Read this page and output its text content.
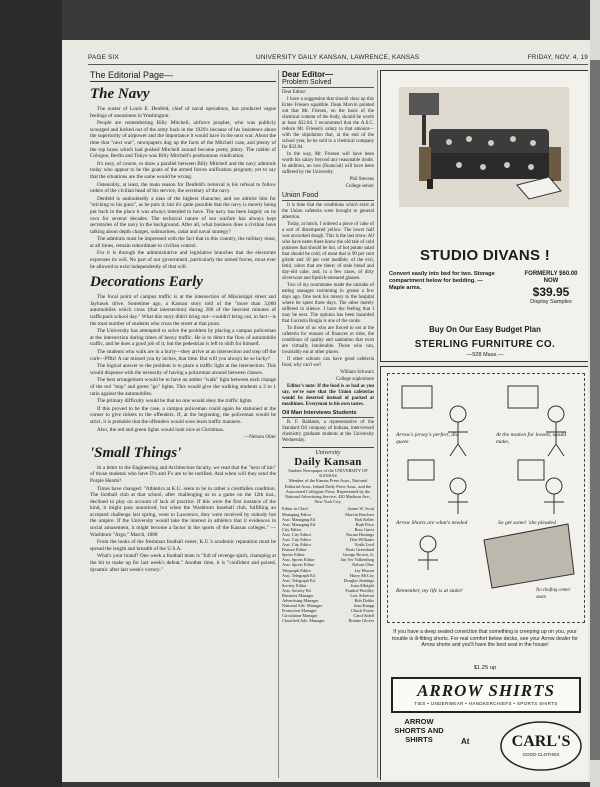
PAGE SIX	UNIVERSITY DAILY KANSAN, LAWRENCE, KANSAS	FRIDAY, NOV. 4, 19
The Editorial Page—
The Navy

The ouster of Louis E. Denfeld, chief of naval operations, has produced vague feelings of uneasiness in Washington.

People are remembering Billy Mitchell, airforce prophet, who was publicly scourged and kicked out of the army back in the 1920's because of his insistence about the superiority of airpower and the importance it would have in the next war. About the time that "next war", newspapers dug up the facts of the Mitchell case, and plenty of the top brass which had pushed Mitchell around became pretty jittery. The rubble of Cologne, Berlin and Tokyo was Billy Mitchell's posthumous vindication.

It's easy, of course, to draw a parallel between Billy Mitchell and the navy admirals today who appear to be the goats of the armed forces unification program; yet to say that the situations are the same would be wrong.

Ostensibly, at least, the main reason for Denfeld's removal is his refusal to follow orders of the civilian head of his service, the secretary of the navy.

Denfeld is undoubtedly a man of the highest character, and we admire him for "sticking to his guns", as he puts it; but it's quite possible that the navy is merely being put back in the place it was always intended to have. The navy has been largely on its own for several decades. The technical nature of sea warfare has always kept secretaries of the navy in the background. After all, what business does a civilian have talking about depth charges, submarines, radar and naval strategy?

The admirals must be impressed with the fact that in this country, the military must, at all times, remain subordinate to civilian control.

For it is through the administrative and legislative branches that the electorate expresses its will. No part of our government, particularly the armed forces, must ever be allowed to exist independently of that will.

Decorations Early

The focal point of campus traffic is at the intersection of Mississippi street and Jayhawk drive. Sometime ago, a Kansan story told of the "more than 3,000 automobiles which cross (that intersection) during 200 of the heaviest minutes of trafficpack school day." What this story didn't bring out—couldn't bring out, in fact—is the total number of students who cross the street at that point.

The University has attempted to solve the problem by placing a campus policeman at the intersection during times of heavy traffic. He is to direct the flow of automobile traffic, and he does a good job of it, but the pedestrian is left to shift for himself.

The students who walk are in a hurry—they arrive at an intersection and step off the curb—Pfftz! A car missed you by inches, that time. But will you always be so lucky?

The logical answer to the problem is to place a traffic light at the intersection. This would dispense with the necessity of having a policeman around between classes.

The best arrangement would be to have an amber "walk" light between each change of the red "stop" and green "go" lights. This would give the walking students a 2 to 1 ratio against the automobiles.

The primary difficulty would be that no one would obey the traffic lights.

If this proved to be the case, a campus policeman could again be stationed at the corner to give tickets to the offenders. If, at the beginning, the policeman would be strict, it is probable that the offenders would soon learn traffic manners.

Also, the red and green lights would look nice at Christmas.

—Nelson Ober
'Small Things'

In a letter to the Engineering and Architecture faculty, we read that the "next of kin" of those students who have D's and F's are to be notified. And when will they send the Purple Hearts?

Times have changed: "Athletics at K.U. seem to be in rather a crestfallen condition. The football club at that school, after challenging us to a game on the 12th inst., declined to play on account of lack of practice. If this were the first instance of the kind, it might pass unnoticed, but when the Washburn baseball club, fulfilling an accepted challenge last spring, went to Lawrence, they were received by nobody but the umpire. If the University would take the interest in athletics that it evidences in social amusement, it might become a factor in the sports of the Kansas colleges." —Washburn "Argo," March, 1888

From the looks of the freshman football roster, K.U.'s academic reputation must be spread the length and breadth of the U.S.A.

What's your brand? One week a football team is "full of revenge spirit, champing at the bit to make up for last week's defeat." Another time, it is "confident and poised, dynamic after last week's victory."

Dear Editor—
Problem Solved

Dear Editor:

I have a suggestion that should clear up this Ernie Friesen squabble. Dean Marvin pointed out that Mr. Friesen, on the basis of the chemical content of the body, should be worth at least $32.84. I recommend that the A.S.C. reduce Mr. Friesen's salary to that amount—with the stipulation that, at the end of the school year, he be sold to a chemical company for $32.84.

In the way, Mr. Friesen will have been worth his salary beyond any reasonable doubt. In addition, no loss (financial) will have been suffered by the University.

Phil Stevens
College senior
Union Food

It is time that the conditions which exist at the Union cafeteria were brought to general attention.

Today, at lunch, I ordered a piece of cake of a sort of distempered yellow. The lower half was uncooked dough. This is the last straw. All who have eaten there know the old tale of cold potatoes that should be hot, of hot potato salad that should be cold; of meat that is 90 per cent gristle and 10 per cent inedible; of the evil, fetid, odors that are there; of stale bread and day-old cake; and, in a few cases, of dirty silverware and lipstick-smeared glasses.

Two of my roommates made the mistake of eating sausages swimming in grease a few days ago. One took his misery to the hospital where he spent three days. The other merely suffered in silence. I have the feeling that I may be next. The opinion has been hazarded that Lucrezia Borgia is one of the cooks.

To those of us who are forced to eat at the cafeteria for reasons of finances or time, the conditions of quality and sanitation that exist are virtually intolerable. Those who can, invariably eat at other places.

If other schools can have good cafeteria food, why can't we?

William Schwarz
College sophomore

Editor's note: If the food is as bad as you say, we're sure that the Union cafeterias would be deserted instead of packed at mealtimes. Everyman to his own tastes.

Oil Man Interviews Students

R. F. Baldaste, a representative of the Standard Oil company of Indiana, interviewed chemistry graduate students at the University Wednesday.

University
Daily Kansan
Student Newspaper of the UNIVERSITY OF KANSAS
Member of the Kansas Press Assn., National Editorial Assn., Inland Daily Press Assn., and the Associated Collegiate Press. Represented by the National Advertising Service, 420 Madison Ave., New York City.
Editor in Chief	James W. Scott
Managing Editor	Marvin Borchert
Asst. Managing Ed.	Bob Keller
Asst. Managing Ed.	Ruth Price
City Editor	Russ Guest
Asst. City Editor	Norma Hastings
Asst. City Editor	Don Williams
Asst. City Editor	Keith Lord
Feature Editor	Doris Greenland
Sports Editor	George Brown, Jr.
Asst. Sports Editor	Jan Ver Valkenburg
Asst. Sports Editor	Nelson Ober
Telegraph Editor	Jay Hixson
Asst. Telegraph Ed.	Harry McCoy
Asst. Telegraph Ed.	Douglas Jennings
Society Editor	Joan Albright
Asst. Society Ed.	Frankie Woolley
Business Manager	Lew Schetton
Advertising Manager	Bob Dobbs
National Adv. Manager	Jean Knapp
Promotion Manager	Chuck Foster
Circulation Manager	Carol Sidell
Classified Adv. Manager	Bonnie Glover
STUDIO DIVANS !
Convert easily into bed for two. Storage compartment below for bedding. — Maple arms.
FORMERLY $60.00
NOW
$39.95
Display Samples
Buy On Our Easy Budget Plan
STERLING FURNITURE CO.
—928 Mass.—
Arrow's jersey's perfect, did quote
At the motion for lowest, would make,
Arrow Shorts are what's needed	So get some! 'she pleaded
Remember, my life is at stake!	No chafing center seam
If you have a deep seated conviction that something is creeping up on you, your trouble is ill-fitting shorts. For real comfort below decks, see your Arrow dealer for Arrow shorts and you'll have the best seat in the house!
$1.25 up
ARROW SHIRTS
TIES • UNDERWEAR • HANDKERCHIEFS • SPORTS SHIRTS
ARROW SHORTS AND SHIRTS	At	CARL'S
GOOD CLOTHES
